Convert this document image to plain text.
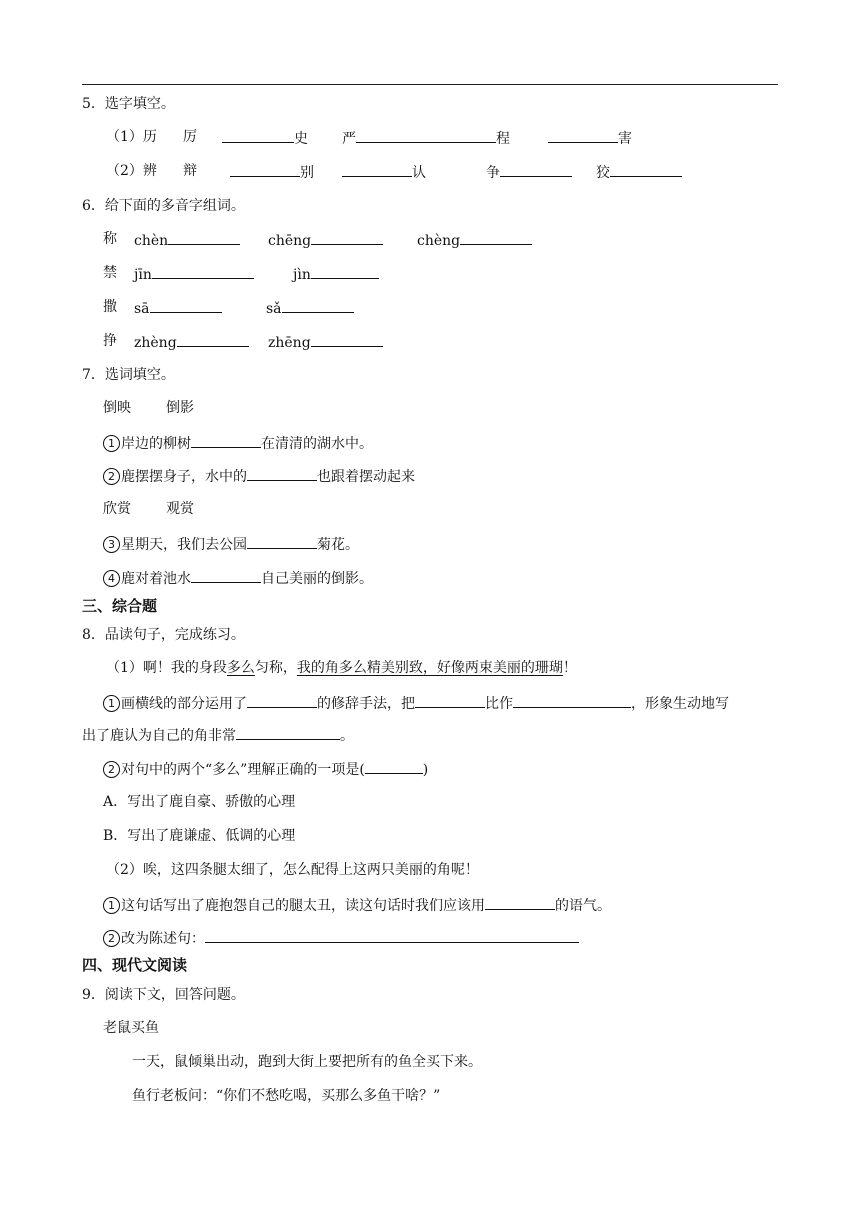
5．选字填空。
（1）历 厉	史 严	程	害
（2）辨 辩	别	认	争	狡
6．给下面的多音字组词。
称 chèn	chēng	chèng
禁 jīn	jìn
撒 sā	sǎ
挣 zhèng	zhēng
7．选词填空。
倒映	倒影
1 岸边的柳树	在清清的湖水中。
2 鹿摆摆身子，水中的	也跟着摆动起来
欣赏	观赏
3 星期天，我们去公园	菊花。
4 鹿对着池水	自己美丽的倒影。
三、综合题
8．品读句子，完成练习。
（1）啊！我的身段多么匀称，我的角多么精美别致，好像两束美丽的珊瑚！
1 画横线的部分运用了	的修辞手法，把	比作	，形象生动地写
出了鹿认为自己的角非常	。
2 对句中的两个“多么”理解正确的一项是(	)
A．写出了鹿自豪、骄傲的心理
B．写出了鹿谦虚、低调的心理
（2）唉，这四条腿太细了，怎么配得上这两只美丽的角呢！
1 这句话写出了鹿抱怨自己的腿太丑，读这句话时我们应该用	的语气。
2 改为陈述句：
四、现代文阅读
9．阅读下文，回答问题。
老鼠买鱼
一天，鼠倾巢出动，跑到大街上要把所有的鱼全买下来。
鱼行老板问：“你们不愁吃喝，买那么多鱼干啥？”
